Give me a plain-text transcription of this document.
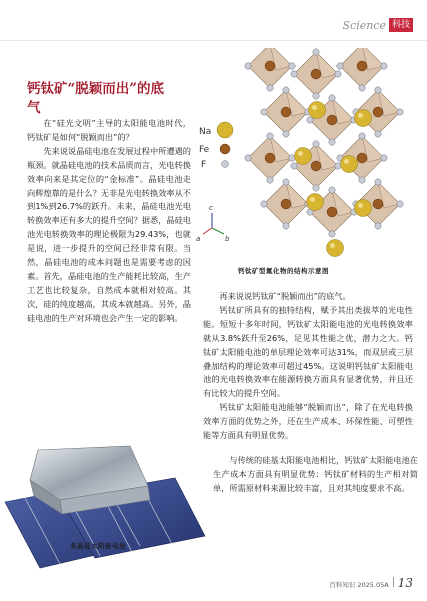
Science 科技
钙钛矿“脱颖而出”的底气

在“硅光文明”主导的太阳能电池时代，钙钛矿是如何“脱颖而出”的？

先来说说晶硅电池在发展过程中所遭遇的瓶颈。就晶硅电池的技术品质而言，光电转换效率向来是其定位的“金标准”。晶硅电池走向辉煌靠的是什么？无非是光电转换效率从不到1%到26.7%的跃升。未来，晶硅电池光电转换效率还有多大的提升空间？据悉，晶硅电池光电转换效率的理论极限为29.43%，也就是说，进一步提升的空间已经非常有限。当然，晶硅电池的成本问题也是需要考虑的因素。首先，晶硅电池的生产能耗比较高，生产工艺也比较复杂，自然成本就相对较高。其次，硅的纯度越高，其成本就越高。另外，晶硅电池的生产对环境也会产生一定的影响。

Na
Fe
F
c
a	b
钙钛矿型氟化物的结构示意图

再来说说钙钛矿“脱颖而出”的底气。

钙钛矿所具有的独特结构，赋予其出类拔萃的光电性能。短短十多年时间，钙钛矿太阳能电池的光电转换效率就从3.8%跃升至26%，足见其性能之优，潜力之大。钙钛矿太阳能电池的单层理论效率可达31%，而双层或三层叠加结构的理论效率可超过45%。这说明钙钛矿太阳能电池的光电转换效率在能源转换方面具有显著优势，并且还有比较大的提升空间。

钙钛矿太阳能电池能够“脱颖而出”，除了在光电转换效率方面的优势之外，还在生产成本、环保性能、可塑性能等方面具有明显优势。

与传统的硅基太阳能电池相比，钙钛矿太阳能电池在生产成本方面具有明显优势：钙钛矿材料的生产相对简单，所需原材料来源比较丰富，且对其纯度要求不高。

多晶硅太阳能电池
百科知识 2025.05A 13
